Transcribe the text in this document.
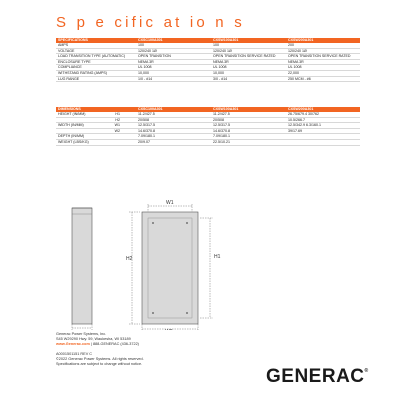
S p e cific at io n s
SPECIFICATIONS	CXSC100A301	CXSW100A301	CXSW200A301
AMPS	100	100	200
VOLTAGE	120/240 1Ø	120/240 1Ø	120/240 1Ø
LOAD TRANSITION TYPE (AUTOMATIC)	OPEN TRANSITION	OPEN TRANSITION SERVICE RATED	OPEN TRANSITION SERVICE RATED
ENCLOSURE TYPE	NEMA 3R	NEMA 3R	NEMA 3R
COMPLIANCE	UL 1008	UL 1008	UL 1008
WITHSTAND RATING (AMPS)	10,000	10,000	22,000
LUG RANGE	1/0 - #14	3/0 - #14	250 MCM - #6
DIMENSIONS	CXSC100A301	CXSW100A301	CXSW200A301
HEIGHT (IN/MM) H1	11.2/427.5	11.2/427.5	26.75/679.4 30/762
H2	20/508	20/508	10.5/266.7
WIDTH (IN/MM) W1	12.5/317.5	12.5/317.5	12.5/342.9 6.3/160.1
W2	14.6/370.8	14.6/370.8	39/17.69
DEPTH (IN/MM)	7.09/180.1	7.09/180.1	
WEIGHT (LBS/KG)	20/9.07	22.5/10.21	
H2	H1
W1
Generac Power Systems, Inc.
S45 W29290 Hwy. 59, Waukesha, WI 53189
www.Generac.com | 888-GENERAC (436-3722)
A0001501151 REV C
©2022 Generac Power Systems. All rights reserved.
Specifications are subject to change without notice.
GENERAC®
